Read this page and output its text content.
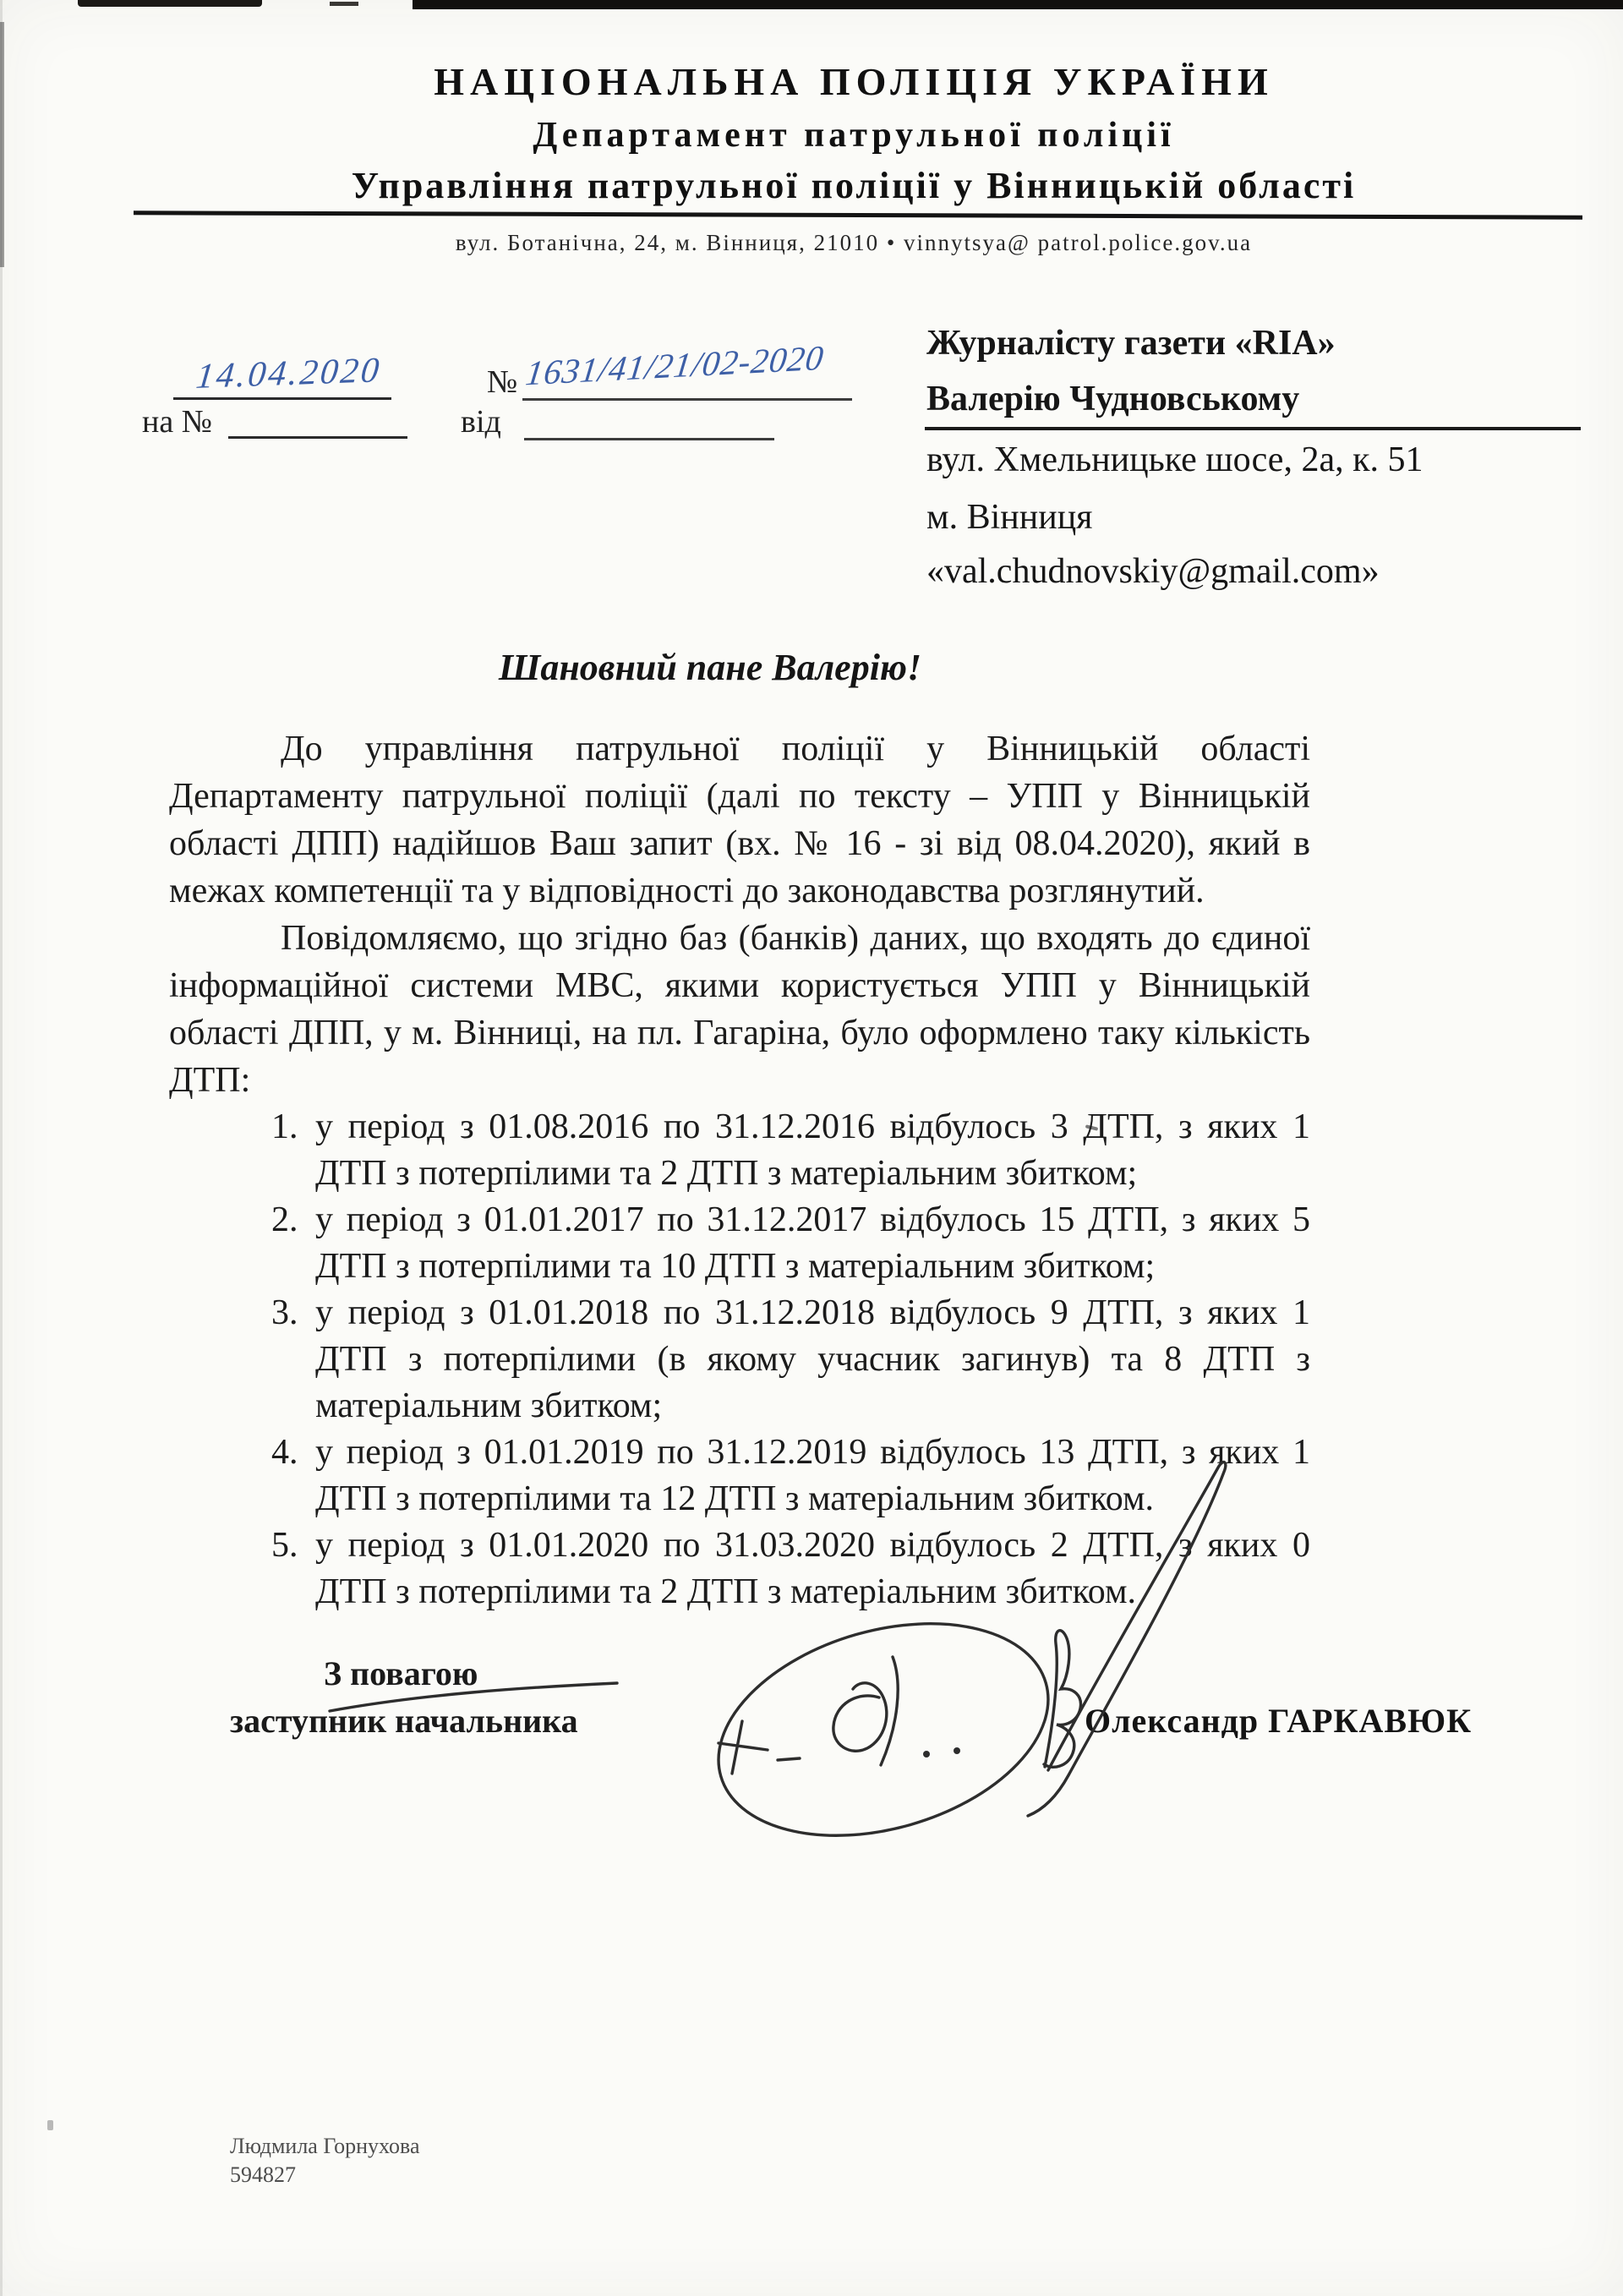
НАЦІОНАЛЬНА ПОЛІЦІЯ УКРАЇНИ
Департамент патрульної поліції
Управління патрульної поліції у Вінницькій області
вул. Ботанічна, 24, м. Вінниця, 21010 • vinnytsya@ patrol.police.gov.ua
14.04.2020	№ 1631/41/21/02-2020
на №	від
Журналісту газети «RIA»
Валерію Чудновському
вул. Хмельницьке шосе, 2а, к. 51
м. Вінниця
«val.chudnovskiy@gmail.com»
Шановний пане Валерію!

До управління патрульної поліції у Вінницькій області Департаменту патрульної поліції (далі по тексту – УПП у Вінницькій області ДПП) надійшов Ваш запит (вх. № 16 - зі від 08.04.2020), який в межах компетенції та у відповідності до законодавства розглянутий.

Повідомляємо, що згідно баз (банків) даних, що входять до єдиної інформаційної системи МВС, якими користується УПП у Вінницькій області ДПП, у м. Вінниці, на пл. Гагаріна, було оформлено таку кількість ДТП:

1. у період з 01.08.2016 по 31.12.2016 відбулось 3 ДТП, з яких 1 ДТП з потерпілими та 2 ДТП з матеріальним збитком;
2. у період з 01.01.2017 по 31.12.2017 відбулось 15 ДТП, з яких 5 ДТП з потерпілими та 10 ДТП з матеріальним збитком;
3. у період з 01.01.2018 по 31.12.2018 відбулось 9 ДТП, з яких 1 ДТП з потерпілими (в якому учасник загинув) та 8 ДТП з матеріальним збитком;
4. у період з 01.01.2019 по 31.12.2019 відбулось 13 ДТП, з яких 1 ДТП з потерпілими та 12 ДТП з матеріальним збитком.
5. у період з 01.01.2020 по 31.03.2020 відбулось 2 ДТП, з яких 0 ДТП з потерпілими та 2 ДТП з матеріальним збитком.
З повагою
заступник начальника	Олександр ГАРКАВЮК
Людмила Горнухова
594827
